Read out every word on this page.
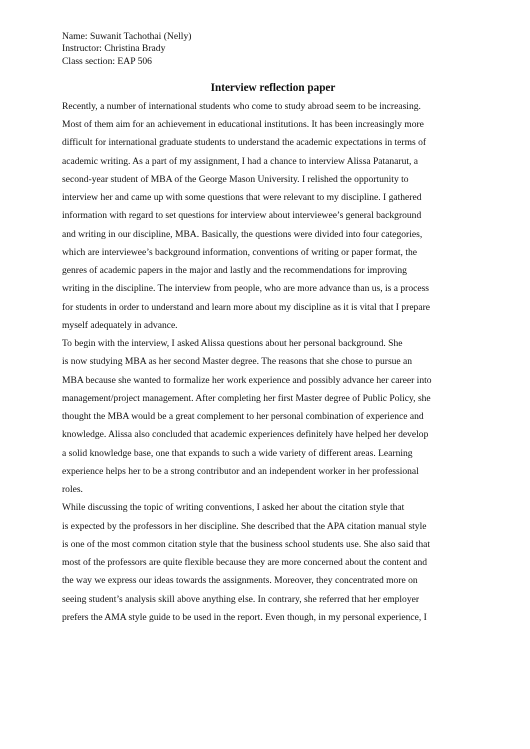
Name: Suwanit Tachothai (Nelly)
Instructor: Christina Brady
Class section: EAP 506
Interview reflection paper
Recently, a number of international students who come to study abroad seem to be increasing.
Most of them aim for an achievement in educational institutions. It has been increasingly more
difficult for international graduate students to understand the academic expectations in terms of
academic writing. As a part of my assignment, I had a chance to interview Alissa Patanarut, a
second-year student of MBA of the George Mason University. I relished the opportunity to
interview her and came up with some questions that were relevant to my discipline. I gathered
information with regard to set questions for interview about interviewee’s general background
and writing in our discipline, MBA. Basically, the questions were divided into four categories,
which are interviewee’s background information, conventions of writing or paper format, the
genres of academic papers in the major and lastly and the recommendations for improving
writing in the discipline. The interview from people, who are more advance than us, is a process
for students in order to understand and learn more about my discipline as it is vital that I prepare
myself adequately in advance.
To begin with the interview, I asked Alissa questions about her personal background. She
is now studying MBA as her second Master degree. The reasons that she chose to pursue an
MBA because she wanted to formalize her work experience and possibly advance her career into
management/project management. After completing her first Master degree of Public Policy, she
thought the MBA would be a great complement to her personal combination of experience and
knowledge. Alissa also concluded that academic experiences definitely have helped her develop
a solid knowledge base, one that expands to such a wide variety of different areas. Learning
experience helps her to be a strong contributor and an independent worker in her professional
roles.
While discussing the topic of writing conventions, I asked her about the citation style that
is expected by the professors in her discipline. She described that the APA citation manual style
is one of the most common citation style that the business school students use. She also said that
most of the professors are quite flexible because they are more concerned about the content and
the way we express our ideas towards the assignments. Moreover, they concentrated more on
seeing student’s analysis skill above anything else. In contrary, she referred that her employer
prefers the AMA style guide to be used in the report. Even though, in my personal experience, I
